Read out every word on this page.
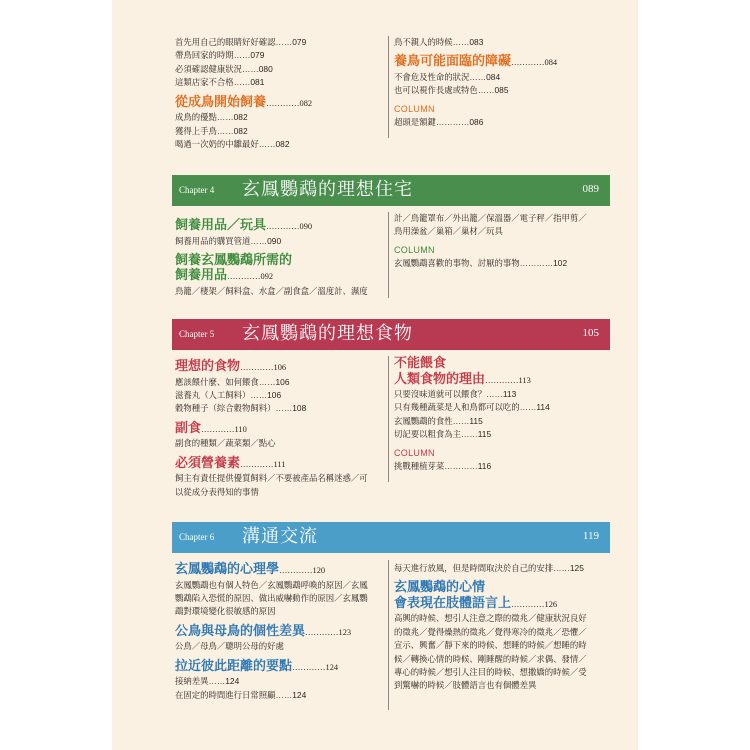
首先用自己的眼睛好好確認……079
帶鳥回家的時期……079
必須確認健康狀況……080
這類店家不合格……081
從成鳥開始飼養…………082
成鳥的優點……082
獲得上手鳥……082
喝過一次奶的中雛最好……082
鳥不親人的時候……083
養鳥可能面臨的障礙…………084
不會危及性命的狀況……084
也可以視作長處或特色……085
COLUMN
超頭是額鍵…………086
Chapter 4 玄鳳鸚鵡的理想住宅	089
飼養用品／玩具…………090
飼養用品的購買管道……090
飼養玄鳳鸚鵡所需的
飼養用品…………092
鳥籠／棲架／飼料盒、水盒／副食盒／溫度計、濕度
計／鳥籠罩布／外出籠／保溫器／電子秤／指甲剪／
鳥用澡盆／巢箱／巢材／玩具
COLUMN
玄鳳鸚鵡喜歡的事物、討厭的事物…………102
Chapter 5 玄鳳鸚鵡的理想食物	105
理想的食物…………106
應該餵什麼、如何餵食……106
滋養丸（人工飼料）……106
穀物種子（綜合穀物飼料）……108
副食…………110
副食的種類／蔬菜類／點心
必須營養素…………111
飼主有責任提供優質飼料／不要被產品名稱迷惑／可
以從成分表得知的事情
不能餵食
人類食物的理由…………113
只要沒味道就可以餵食？……113
只有幾種蔬菜是人和鳥都可以吃的……114
玄鳳鸚鵡的食性……115
切記要以粗食為主……115
COLUMN
挑戰種植芽菜…………116
Chapter 6 溝通交流	119
玄鳳鸚鵡的心理學…………120
玄鳳鸚鵡也有個人特色／玄鳳鸚鵡呼喚的原因／玄鳳
鸚鵡陷入恐慌的原因、做出威嚇動作的原因／玄鳳鸚
鵡對環境變化很敏感的原因
公鳥與母鳥的個性差異…………123
公鳥／母鳥／聰明公母的好處
拉近彼此距離的要點…………124
接納差異……124
在固定的時間進行日常照顧……124
每天進行放風，但是時間取決於自己的安排……125
玄鳳鸚鵡的心情
會表現在肢體語言上…………126
高興的時候、想引人注意之際的徵兆／健康狀況良好
的徵兆／覺得燥熱的徵兆／覺得寒冷的徵兆／恐懼／
宣示、興奮／靜下來的時候、想睡的時候／想睡的時
候／轉換心情的時候、剛睡醒的時候／求偶、發情／
專心的時候／想引人注目的時候、想撒嬌的時候／受
到驚嚇的時候／肢體語言也有個體差異
